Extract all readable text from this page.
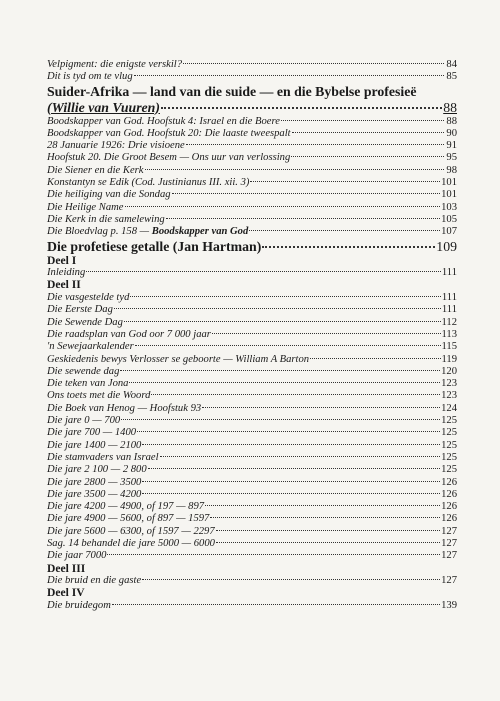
Velpigment: die enigste verskil?	84
Dit is tyd om te vlug	85
Suider-Afrika — land van die suide — en die Bybelse profesieë
(Willie van Vuuren)	88
Boodskapper van God. Hoofstuk 4: Israel en die Boere	88
Boodskapper van God. Hoofstuk 20: Die laaste tweespalt	90
28 Januarie 1926: Drie visioene	91
Hoofstuk 20. Die Groot Besem — Ons uur van verlossing	95
Die Siener en die Kerk	98
Konstantyn se Edik (Cod. Justinianus III. xii. 3)	101
Die heiliging van die Sondag	101
Die Heilige Name	103
Die Kerk in die samelewing	105
Die Bloedvlag p. 158 — Boodskapper van God	107
Die profetiese getalle (Jan Hartman)	109
Deel I
Inleiding	111
Deel II
Die vasgestelde tyd	111
Die Eerste Dag	111
Die Sewende Dag	112
Die raadsplan van God oor 7 000 jaar	113
'n Sewejaarkalender	115
Geskiedenis bewys Verlosser se geboorte — William A Barton	119
Die sewende dag	120
Die teken van Jona	123
Ons toets met die Woord	123
Die Boek van Henog — Hoofstuk 93	124
Die jare 0 — 700	125
Die jare 700 — 1400	125
Die jare 1400 — 2100	125
Die stamvaders van Israel	125
Die jare 2 100 — 2 800	125
Die jare 2800 — 3500	126
Die jare 3500 — 4200	126
Die jare 4200 — 4900, of 197 — 897	126
Die jare 4900 — 5600, of 897 — 1597	126
Die jare 5600 — 6300, of 1597 — 2297	127
Sag. 14 behandel die jare 5000 — 6000	127
Die jaar 7000	127
Deel III
Die bruid en die gaste	127
Deel IV
Die bruidegom	139
